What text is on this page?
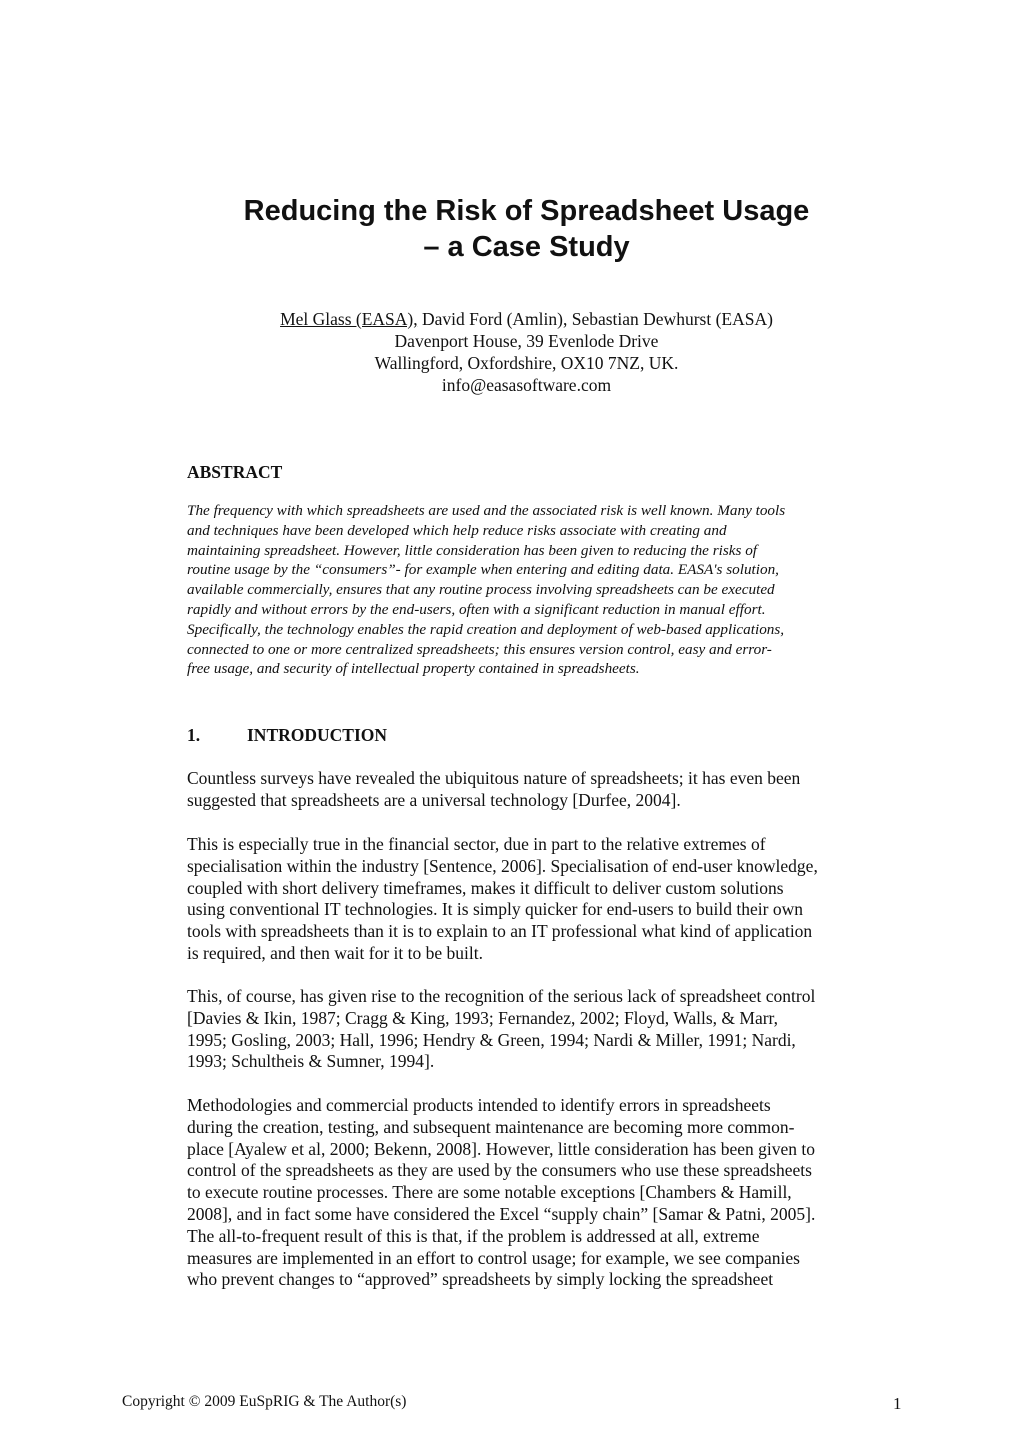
Reducing the Risk of Spreadsheet Usage
– a Case Study
Mel Glass (EASA), David Ford (Amlin), Sebastian Dewhurst (EASA)
Davenport House, 39 Evenlode Drive
Wallingford, Oxfordshire, OX10 7NZ, UK.
info@easasoftware.com
ABSTRACT
The frequency with which spreadsheets are used and the associated risk is well known. Many tools
and techniques have been developed which help reduce risks associate with creating and
maintaining spreadsheet. However, little consideration has been given to reducing the risks of
routine usage by the “consumers”- for example when entering and editing data. EASA's solution,
available commercially, ensures that any routine process involving spreadsheets can be executed
rapidly and without errors by the end-users, often with a significant reduction in manual effort.
Specifically, the technology enables the rapid creation and deployment of web-based applications,
connected to one or more centralized spreadsheets; this ensures version control, easy and error-
free usage, and security of intellectual property contained in spreadsheets.
1.	INTRODUCTION
Countless surveys have revealed the ubiquitous nature of spreadsheets; it has even been
suggested that spreadsheets are a universal technology [Durfee, 2004].
This is especially true in the financial sector, due in part to the relative extremes of
specialisation within the industry [Sentence, 2006]. Specialisation of end-user knowledge,
coupled with short delivery timeframes, makes it difficult to deliver custom solutions
using conventional IT technologies. It is simply quicker for end-users to build their own
tools with spreadsheets than it is to explain to an IT professional what kind of application
is required, and then wait for it to be built.
This, of course, has given rise to the recognition of the serious lack of spreadsheet control
[Davies & Ikin, 1987; Cragg & King, 1993; Fernandez, 2002; Floyd, Walls, & Marr,
1995; Gosling, 2003; Hall, 1996; Hendry & Green, 1994; Nardi & Miller, 1991; Nardi,
1993; Schultheis & Sumner, 1994].
Methodologies and commercial products intended to identify errors in spreadsheets
during the creation, testing, and subsequent maintenance are becoming more common-
place [Ayalew et al, 2000; Bekenn, 2008]. However, little consideration has been given to
control of the spreadsheets as they are used by the consumers who use these spreadsheets
to execute routine processes. There are some notable exceptions [Chambers & Hamill,
2008], and in fact some have considered the Excel “supply chain” [Samar & Patni, 2005].
The all-to-frequent result of this is that, if the problem is addressed at all, extreme
measures are implemented in an effort to control usage; for example, we see companies
who prevent changes to “approved” spreadsheets by simply locking the spreadsheet
Copyright © 2009 EuSpRIG & The Author(s)	1
